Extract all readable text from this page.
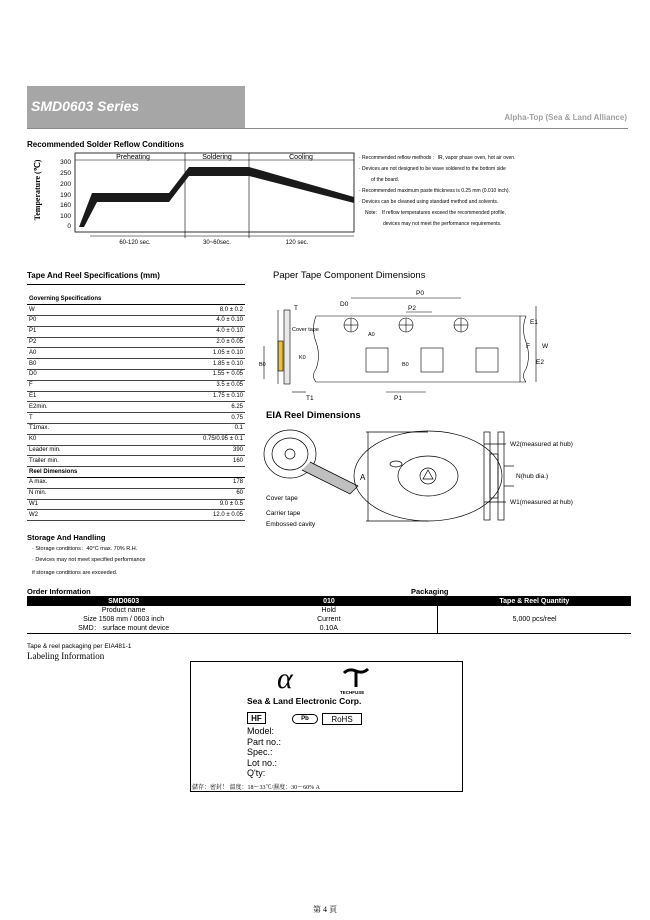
SMD0603 Series
Alpha-Top (Sea & Land Alliance)
Recommended Solder Reflow Conditions
Temperature (℃)	300
250
200
190
160
100
0
Preheating	Soldering	Cooling
60-120 sec.	30~60sec.	120 sec.
· Recommended reflow methods ：IR, vapor phase oven, hot air oven.
· Devices are not designed to be wave soldered to the bottom side
of the board.
· Recommended maximum paste thickness is 0.25 mm (0.010 inch).
· Devices can be cleaned using standard method and solvents.
Note： If reflow temperatures exceed the recommended profile,
devices may not meet the performance requirements.
Tape And Reel Specifications (mm)
Governing Specifications	
W	8.0 ± 0.2
P0	4.0 ± 0.10
P1	4.0 ± 0.10
P2	2.0 ± 0.05
A0	1.05 ± 0.10
B0	1.85 ± 0.10
D0	1.55 + 0.05
F	3.5 ± 0.05
E1	1.75 ± 0.10
E2min.	6.25
T	0.75
T1max.	0.1
K0	0.75/0.95 ± 0.1
Leader min.	390
Trailer min.	160
Reel Dimensions	
A max.	178
N min.	60
W1	9.0 ± 0.5
W2	12.0 ± 0.05
Paper Tape Component Dimensions
T
D0
P0
P2
Cover tape
A0
E1
K0
B0	B0
F W
E2
T1	P1
EIA Reel Dimensions
A
W2(measured at hub)
N(hub dia.)
W1(measured at hub)
Cover tape
Carrier tape
Embossed cavity
Storage And Handling
· Storage conditions：40°C max. 70% R.H.
· Devices may not meet specified performance
if storage conditions are exceeded.
Order Information	Packaging
SMD0603	010	Tape & Reel Quantity
Product name	Hold	
Size 1508 mm / 0603 inch	Current	5,000 pcs/reel
SMD： surface mount device	0.10A	
Tape & reel packaging per EIA481-1
Labeling Information
α	TECHFUSE
Sea & Land Electronic Corp.
HF	Pb	RoHS
Model:
Part no.:
Spec.:
Lot no.:
Q'ty:
儲存：密封！ 溫度：18～33℃/濕度：30～60% A
第 4 頁
